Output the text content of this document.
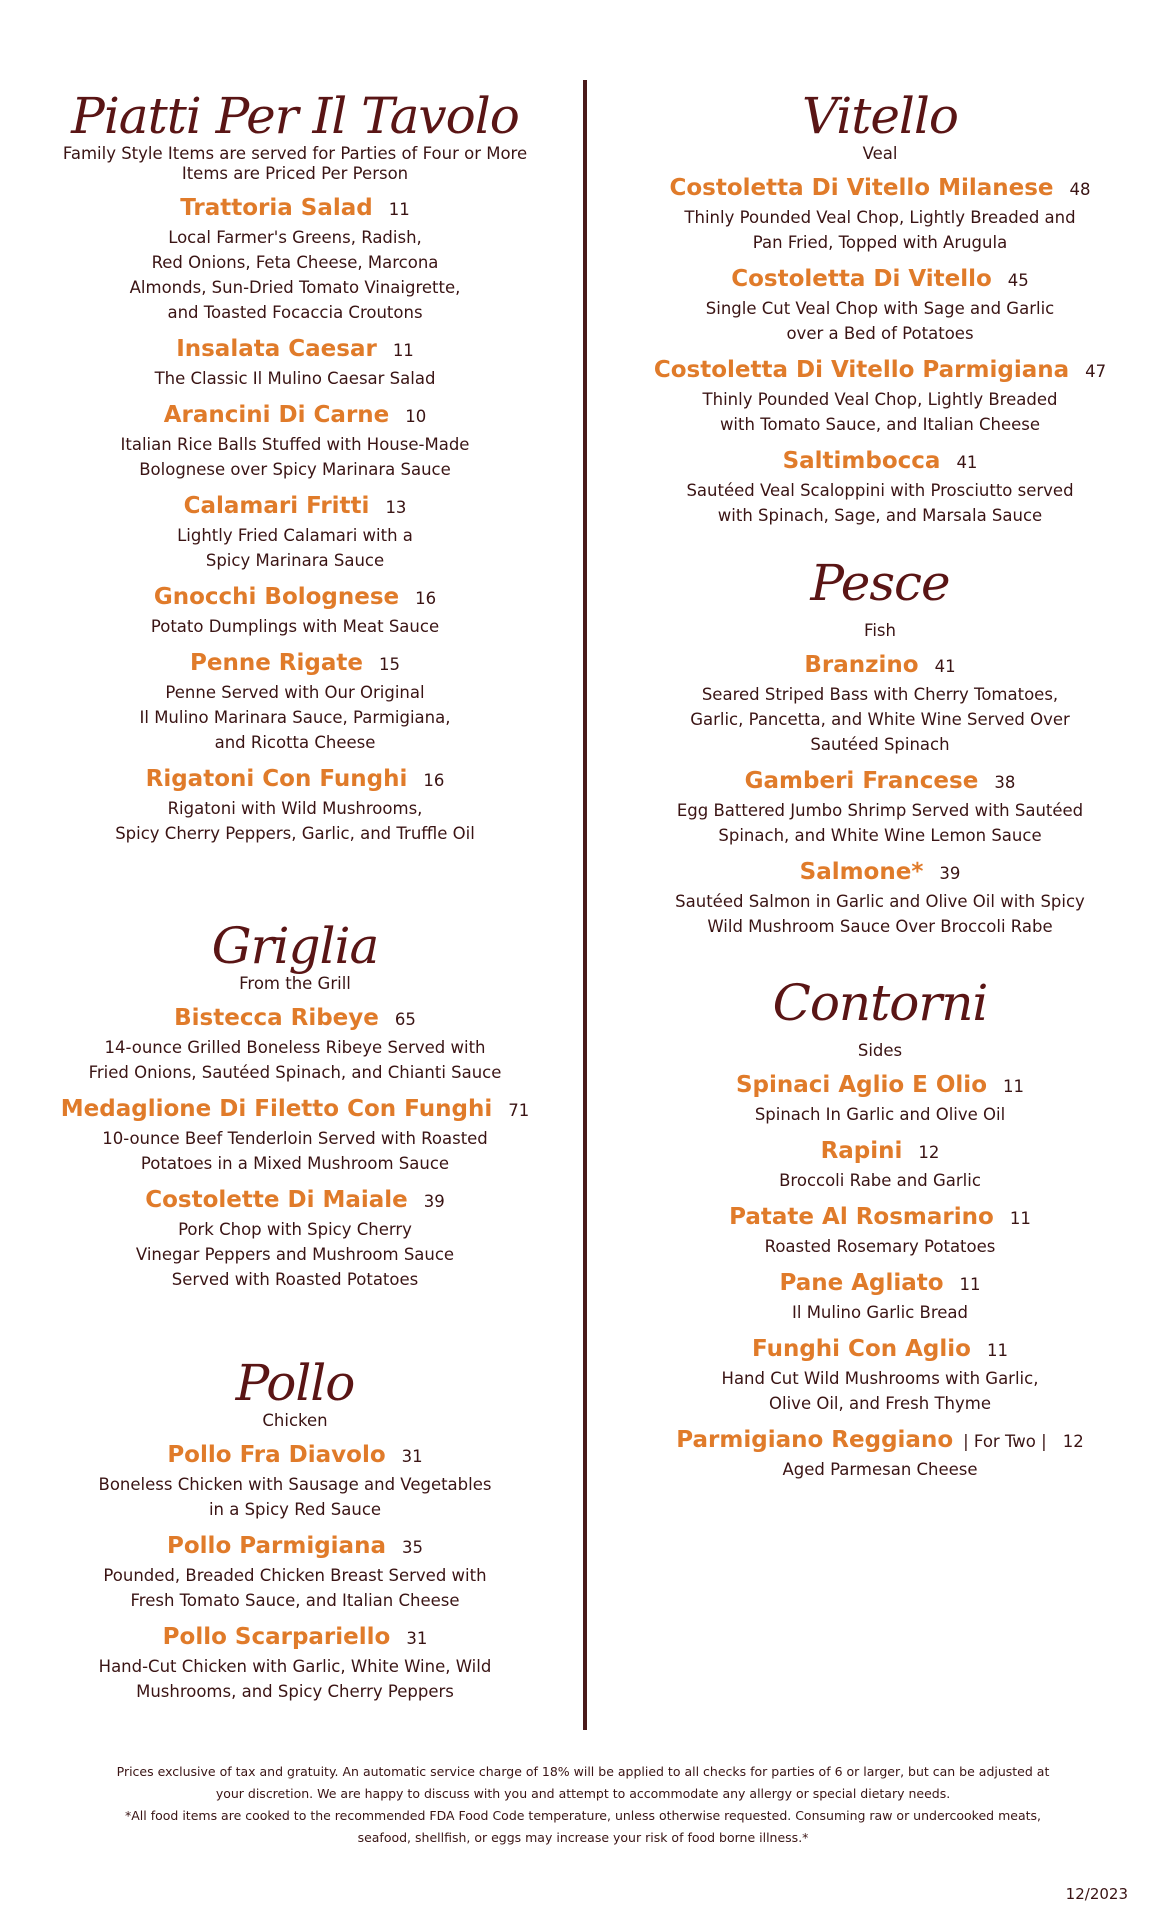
Piatti Per Il Tavolo
Family Style Items are served for Parties of Four or More
Items are Priced Per Person
Trattoria Salad 11
Local Farmer's Greens, Radish,
Red Onions, Feta Cheese, Marcona
Almonds, Sun-Dried Tomato Vinaigrette,
and Toasted Focaccia Croutons
Insalata Caesar 11
The Classic Il Mulino Caesar Salad
Arancini Di Carne 10
Italian Rice Balls Stuffed with House-Made
Bolognese over Spicy Marinara Sauce
Calamari Fritti 13
Lightly Fried Calamari with a
Spicy Marinara Sauce
Gnocchi Bolognese 16
Potato Dumplings with Meat Sauce
Penne Rigate 15
Penne Served with Our Original
Il Mulino Marinara Sauce, Parmigiana,
and Ricotta Cheese
Rigatoni Con Funghi 16
Rigatoni with Wild Mushrooms,
Spicy Cherry Peppers, Garlic, and Truffle Oil
Griglia
From the Grill
Bistecca Ribeye 65
14-ounce Grilled Boneless Ribeye Served with
Fried Onions, Sautéed Spinach, and Chianti Sauce
Medaglione Di Filetto Con Funghi 71
10-ounce Beef Tenderloin Served with Roasted
Potatoes in a Mixed Mushroom Sauce
Costolette Di Maiale 39
Pork Chop with Spicy Cherry
Vinegar Peppers and Mushroom Sauce
Served with Roasted Potatoes
Pollo
Chicken
Pollo Fra Diavolo 31
Boneless Chicken with Sausage and Vegetables
in a Spicy Red Sauce
Pollo Parmigiana 35
Pounded, Breaded Chicken Breast Served with
Fresh Tomato Sauce, and Italian Cheese
Pollo Scarpariello 31
Hand-Cut Chicken with Garlic, White Wine, Wild
Mushrooms, and Spicy Cherry Peppers
Vitello
Veal
Costoletta Di Vitello Milanese 48
Thinly Pounded Veal Chop, Lightly Breaded and
Pan Fried, Topped with Arugula
Costoletta Di Vitello 45
Single Cut Veal Chop with Sage and Garlic
over a Bed of Potatoes
Costoletta Di Vitello Parmigiana 47
Thinly Pounded Veal Chop, Lightly Breaded
with Tomato Sauce, and Italian Cheese
Saltimbocca 41
Sautéed Veal Scaloppini with Prosciutto served
with Spinach, Sage, and Marsala Sauce
Pesce
Fish
Branzino 41
Seared Striped Bass with Cherry Tomatoes,
Garlic, Pancetta, and White Wine Served Over
Sautéed Spinach
Gamberi Francese 38
Egg Battered Jumbo Shrimp Served with Sautéed
Spinach, and White Wine Lemon Sauce
Salmone* 39
Sautéed Salmon in Garlic and Olive Oil with Spicy
Wild Mushroom Sauce Over Broccoli Rabe
Contorni
Sides
Spinaci Aglio E Olio 11
Spinach In Garlic and Olive Oil
Rapini 12
Broccoli Rabe and Garlic
Patate Al Rosmarino 11
Roasted Rosemary Potatoes
Pane Agliato 11
Il Mulino Garlic Bread
Funghi Con Aglio 11
Hand Cut Wild Mushrooms with Garlic,
Olive Oil, and Fresh Thyme
Parmigiano Reggiano | For Two | 12
Aged Parmesan Cheese

Prices exclusive of tax and gratuity. An automatic service charge of 18% will be applied to all checks for parties of 6 or larger, but can be adjusted at

your discretion. We are happy to discuss with you and attempt to accommodate any allergy or special dietary needs.

*All food items are cooked to the recommended FDA Food Code temperature, unless otherwise requested. Consuming raw or undercooked meats,

seafood, shellfish, or eggs may increase your risk of food borne illness.*

12/2023
